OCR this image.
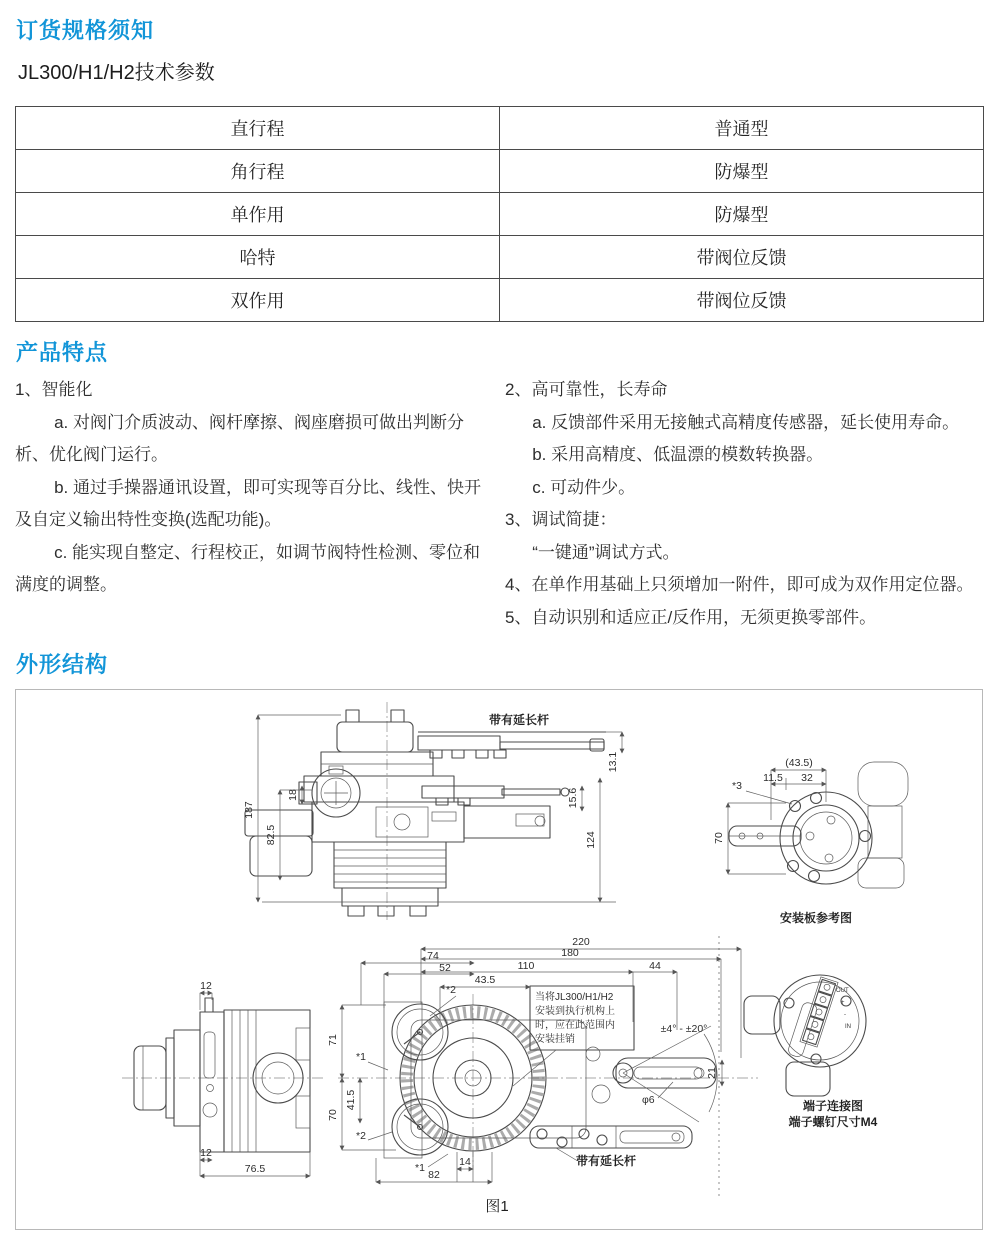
订货规格须知
JL300/H1/H2技术参数
直行程	普通型
角行程	防爆型
单作用	防爆型
哈特	带阀位反馈
双作用	带阀位反馈
产品特点

1、智能化

a. 对阀门介质波动、阀杆摩擦、阀座磨损可做出判断分析、优化阀门运行。

b. 通过手操器通讯设置，即可实现等百分比、线性、快开及自定义输出特性变换(选配功能)。

c. 能实现自整定、行程校正，如调节阀特性检测、零位和满度的调整。

2、高可靠性，长寿命

a. 反馈部件采用无接触式高精度传感器，延长使用寿命。

b. 采用高精度、低温漂的模数转换器。

c. 可动件少。

3、调试简捷：

“一键通”调试方式。

4、在单作用基础上只须增加一附件，即可成为双作用定位器。

5、自动识别和适应正/反作用，无须更换零部件。

外形结构
187
82.5
18
13.1
15.6
124
带有延长杆
(43.5)
11.5 32
70
*3
安装板参考图
12
12
76.5
当将JL300/H1/H2
安装到执行机构上
时，应在此范围内
安装挂销
220
180
110	44
74
52
43.5
71
41.5
70
*1
*2
*2
*1	14
82
21
φ6
±4° - ±20°
带有延长杆
OUT
+
-
IN
端子连接图
端子螺钉尺寸M4
图1
